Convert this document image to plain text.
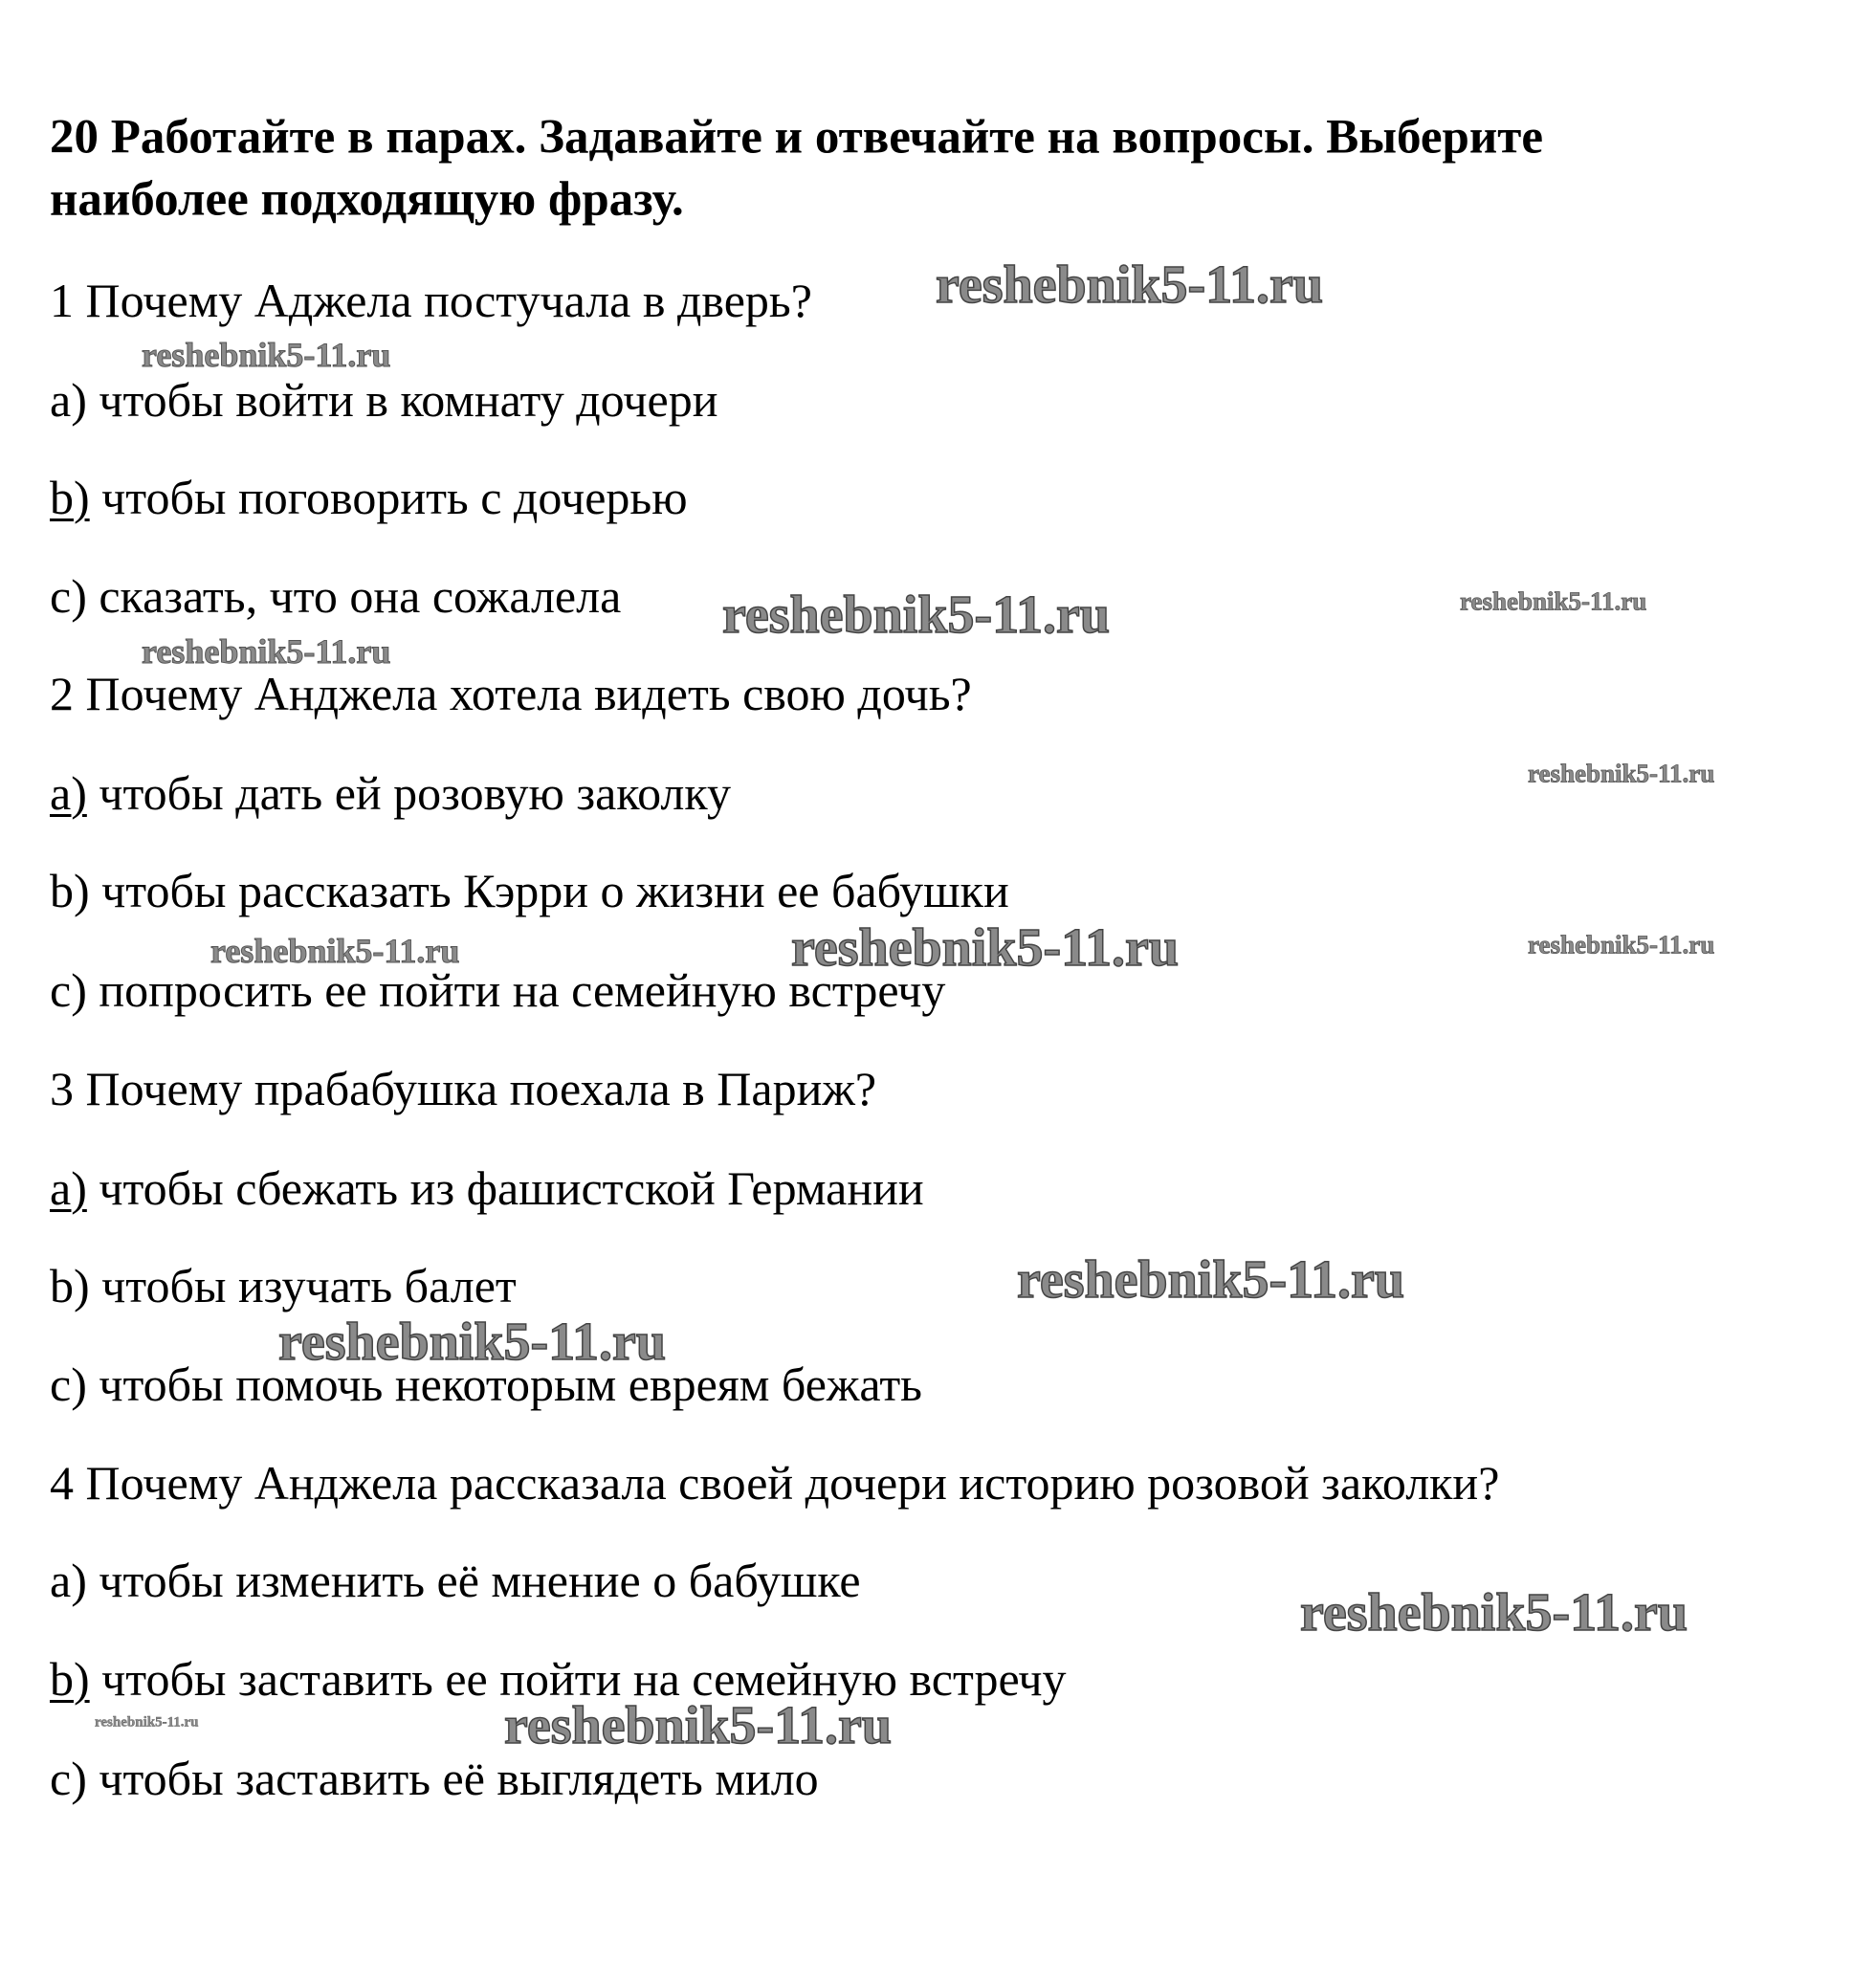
20 Работайте в парах. Задавайте и отвечайте на вопросы. Выберите
наиболее подходящую фразу.
1 Почему Аджела постучала в дверь?
a) чтобы войти в комнату дочери
b) чтобы поговорить с дочерью
c) сказать, что она сожалела
2 Почему Анджела хотела видеть свою дочь?
a) чтобы дать ей розовую заколку
b) чтобы рассказать Кэрри о жизни ее бабушки
c) попросить ее пойти на семейную встречу
3 Почему прабабушка поехала в Париж?
a) чтобы сбежать из фашистской Германии
b) чтобы изучать балет
c) чтобы помочь некоторым евреям бежать
4 Почему Анджела рассказала своей дочери историю розовой заколки?
a) чтобы изменить её мнение о бабушке
b) чтобы заставить ее пойти на семейную встречу
c) чтобы заставить её выглядеть мило
reshebnik5-11.ru
reshebnik5-11.ru
reshebnik5-11.ru	reshebnik5-11.ru
reshebnik5-11.ru
reshebnik5-11.ru
reshebnik5-11.ru	reshebnik5-11.ru	reshebnik5-11.ru
reshebnik5-11.ru
reshebnik5-11.ru
reshebnik5-11.ru
reshebnik5-11.ru	reshebnik5-11.ru
